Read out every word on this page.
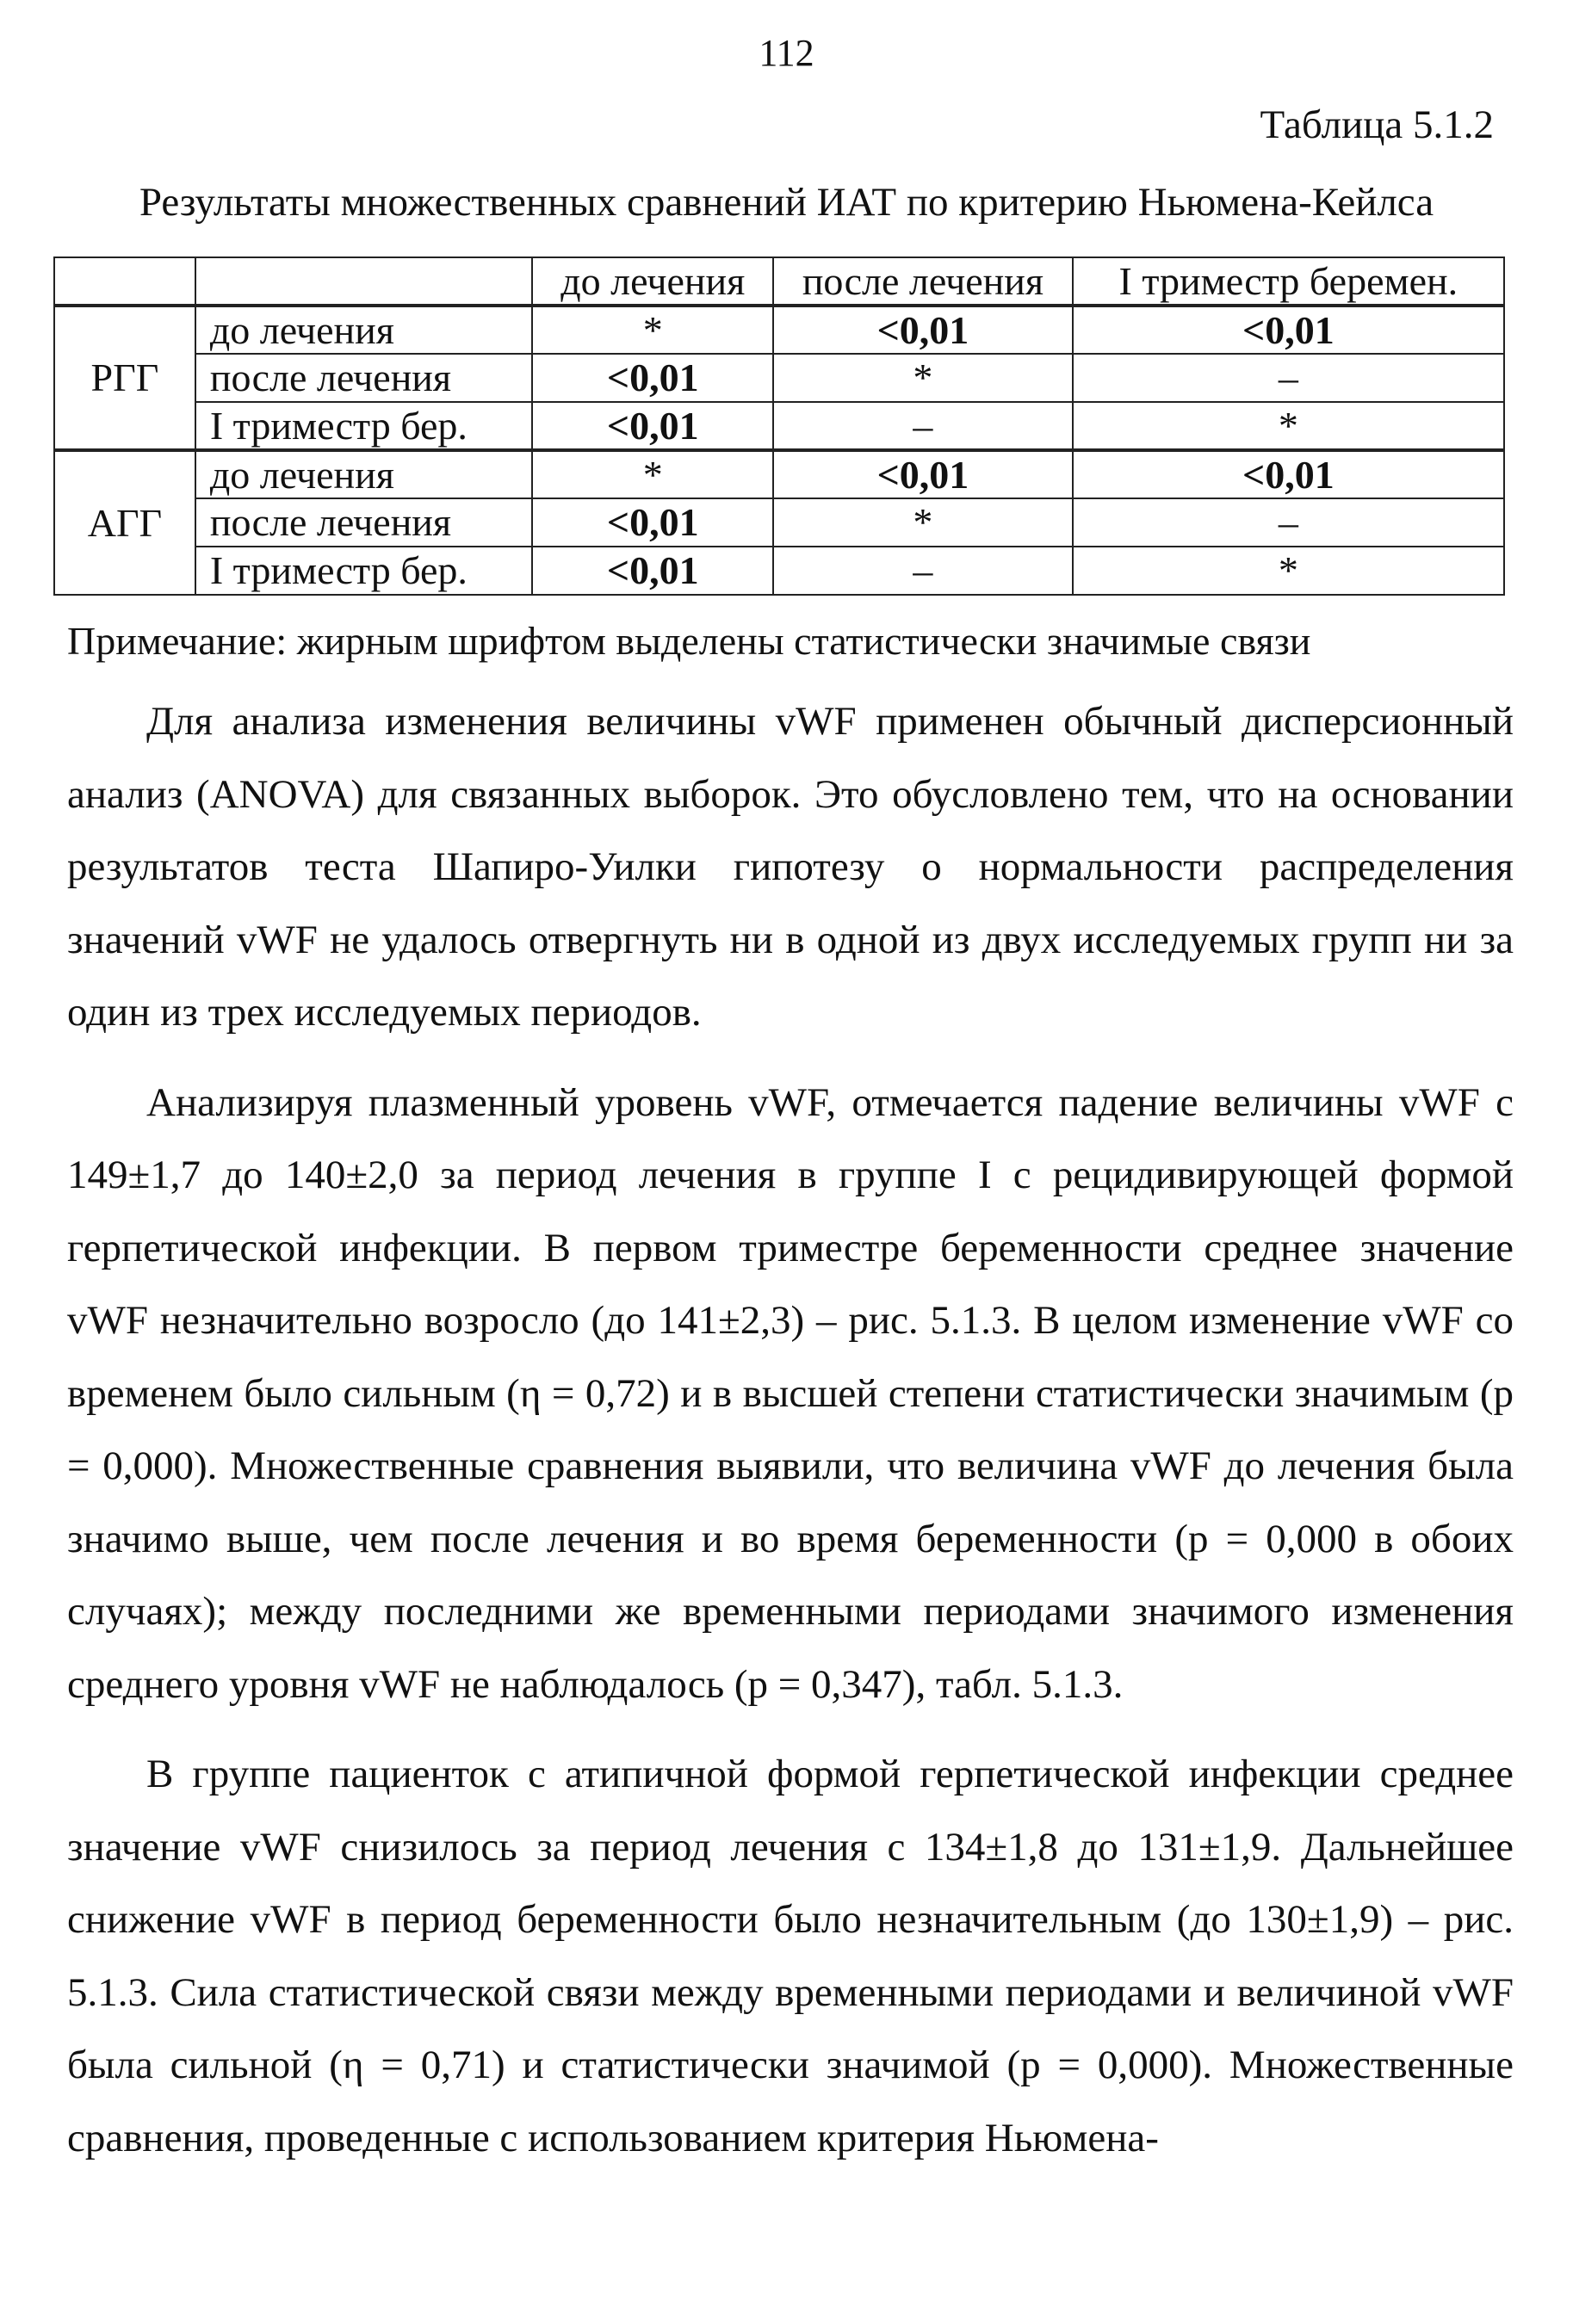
112
Таблица 5.1.2
Результаты множественных сравнений ИАТ по критерию Ньюмена-Кейлса
		до лечения	после лечения	I триместр беремен.
РГГ	до лечения	*	<0,01	<0,01
	после лечения	<0,01	*	–
	I триместр бер.	<0,01	–	*
АГГ	до лечения	*	<0,01	<0,01
	после лечения	<0,01	*	–
	I триместр бер.	<0,01	–	*
Примечание: жирным шрифтом выделены статистически значимые связи

Для анализа изменения величины vWF применен обычный дисперсионный анализ (ANOVA) для связанных выборок. Это обусловлено тем, что на основании результатов теста Шапиро-Уилки гипотезу о нормальности распределения значений vWF не удалось отвергнуть ни в одной из двух исследуемых групп ни за один из трех исследуемых периодов.

Анализируя плазменный уровень vWF, отмечается падение величины vWF с 149±1,7 до 140±2,0 за период лечения в группе I с рецидивирующей формой герпетической инфекции. В первом триместре беременности среднее значение vWF незначительно возросло (до 141±2,3) – рис. 5.1.3. В целом изменение vWF со временем было сильным (η = 0,72) и в высшей степени статистически значимым (p = 0,000). Множественные сравнения выявили, что величина vWF до лечения была значимо выше, чем после лечения и во время беременности (p = 0,000 в обоих случаях); между последними же временными периодами значимого изменения среднего уровня vWF не наблюдалось (p = 0,347), табл. 5.1.3.

В группе пациенток с атипичной формой герпетической инфекции среднее значение vWF снизилось за период лечения с 134±1,8 до 131±1,9. Дальнейшее снижение vWF в период беременности было незначительным (до 130±1,9) – рис. 5.1.3. Сила статистической связи между временными периодами и величиной vWF была сильной (η = 0,71) и статистически значимой (p = 0,000). Множественные сравнения, проведенные с использованием критерия Ньюмена-
